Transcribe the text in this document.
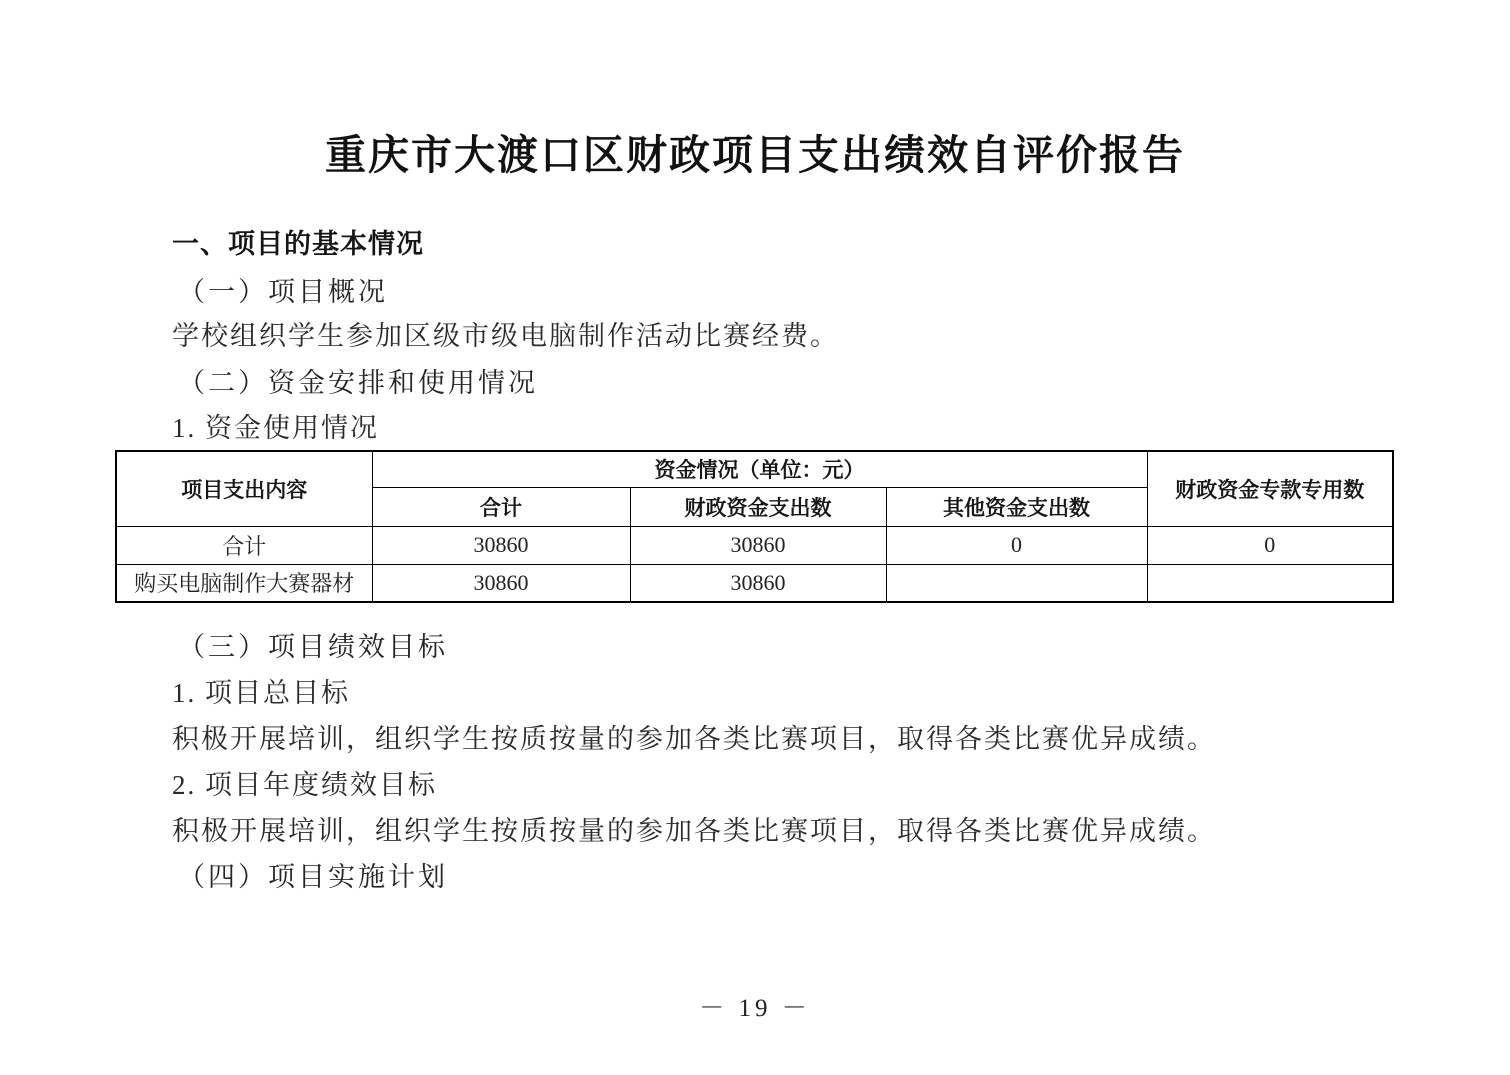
重庆市大渡口区财政项目支出绩效自评价报告
一、项目的基本情况
（一）项目概况
学校组织学生参加区级市级电脑制作活动比赛经费。
（二）资金安排和使用情况
1. 资金使用情况
项目支出内容	资金情况（单位：元）			财政资金专款专用数
	合计	财政资金支出数	其他资金支出数	
合计	30860	30860	0	0
购买电脑制作大赛器材	30860	30860		
（三）项目绩效目标
1. 项目总目标
积极开展培训，组织学生按质按量的参加各类比赛项目，取得各类比赛优异成绩。
2. 项目年度绩效目标
积极开展培训，组织学生按质按量的参加各类比赛项目，取得各类比赛优异成绩。
（四）项目实施计划
－ 19 －
